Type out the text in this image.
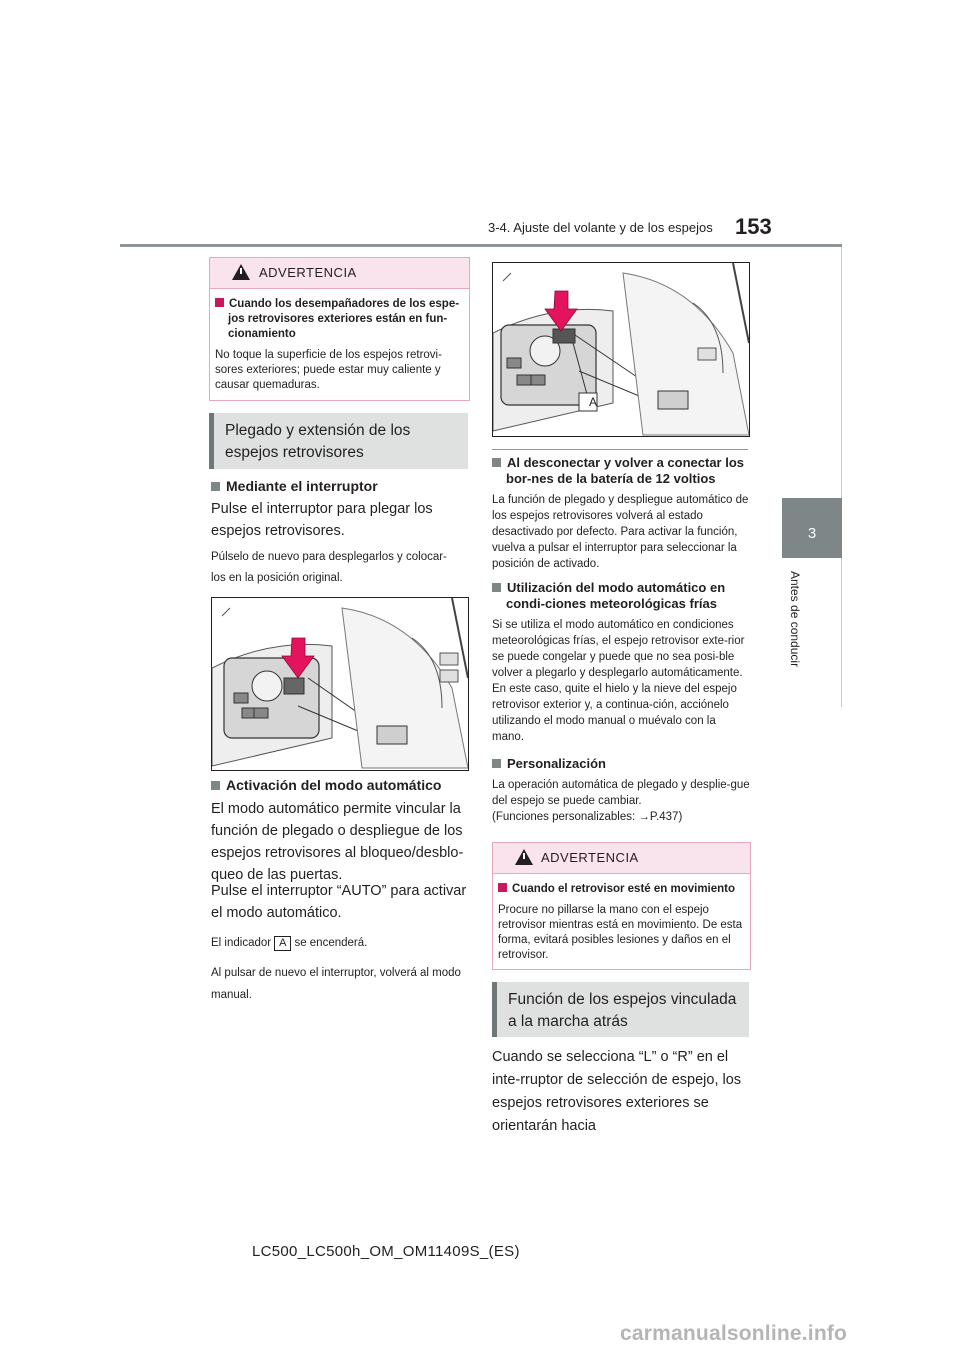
3-4. Ajuste del volante y de los espejos 153
3
Antes de conducir
ADVERTENCIA
Cuando los desempañadores de los espe-jos retrovisores exteriores están en fun-cionamiento
No toque la superficie de los espejos retrovi-sores exteriores; puede estar muy caliente y causar quemaduras.
Plegado y extensión de los espejos retrovisores
Mediante el interruptor
Pulse el interruptor para plegar los espejos retrovisores.
Púlselo de nuevo para desplegarlos y colocar-los en la posición original.
Activación del modo automático
El modo automático permite vincular la función de plegado o despliegue de los espejos retrovisores al bloqueo/desblo-queo de las puertas.
Pulse el interruptor “AUTO” para activar el modo automático.
El indicador A se encenderá.
Al pulsar de nuevo el interruptor, volverá al modo manual.
A
Al desconectar y volver a conectar los bor-nes de la batería de 12 voltios
La función de plegado y despliegue automático de los espejos retrovisores volverá al estado desactivado por defecto. Para activar la función, vuelva a pulsar el interruptor para seleccionar la posición de activado.
Utilización del modo automático en condi-ciones meteorológicas frías
Si se utiliza el modo automático en condiciones meteorológicas frías, el espejo retrovisor exte-rior se puede congelar y puede que no sea posi-ble volver a plegarlo y desplegarlo automáticamente. En este caso, quite el hielo y la nieve del espejo retrovisor exterior y, a continua-ción, acciónelo utilizando el modo manual o muévalo con la mano.
Personalización
La operación automática de plegado y desplie-gue del espejo se puede cambiar.
(Funciones personalizables: →P.437)
ADVERTENCIA
Cuando el retrovisor esté en movimiento
Procure no pillarse la mano con el espejo retrovisor mientras está en movimiento. De esta forma, evitará posibles lesiones y daños en el retrovisor.
Función de los espejos vinculada a la marcha atrás
Cuando se selecciona “L” o “R” en el inte-rruptor de selección de espejo, los espejos retrovisores exteriores se orientarán hacia
LC500_LC500h_OM_OM11409S_(ES)
carmanualsonline.info
